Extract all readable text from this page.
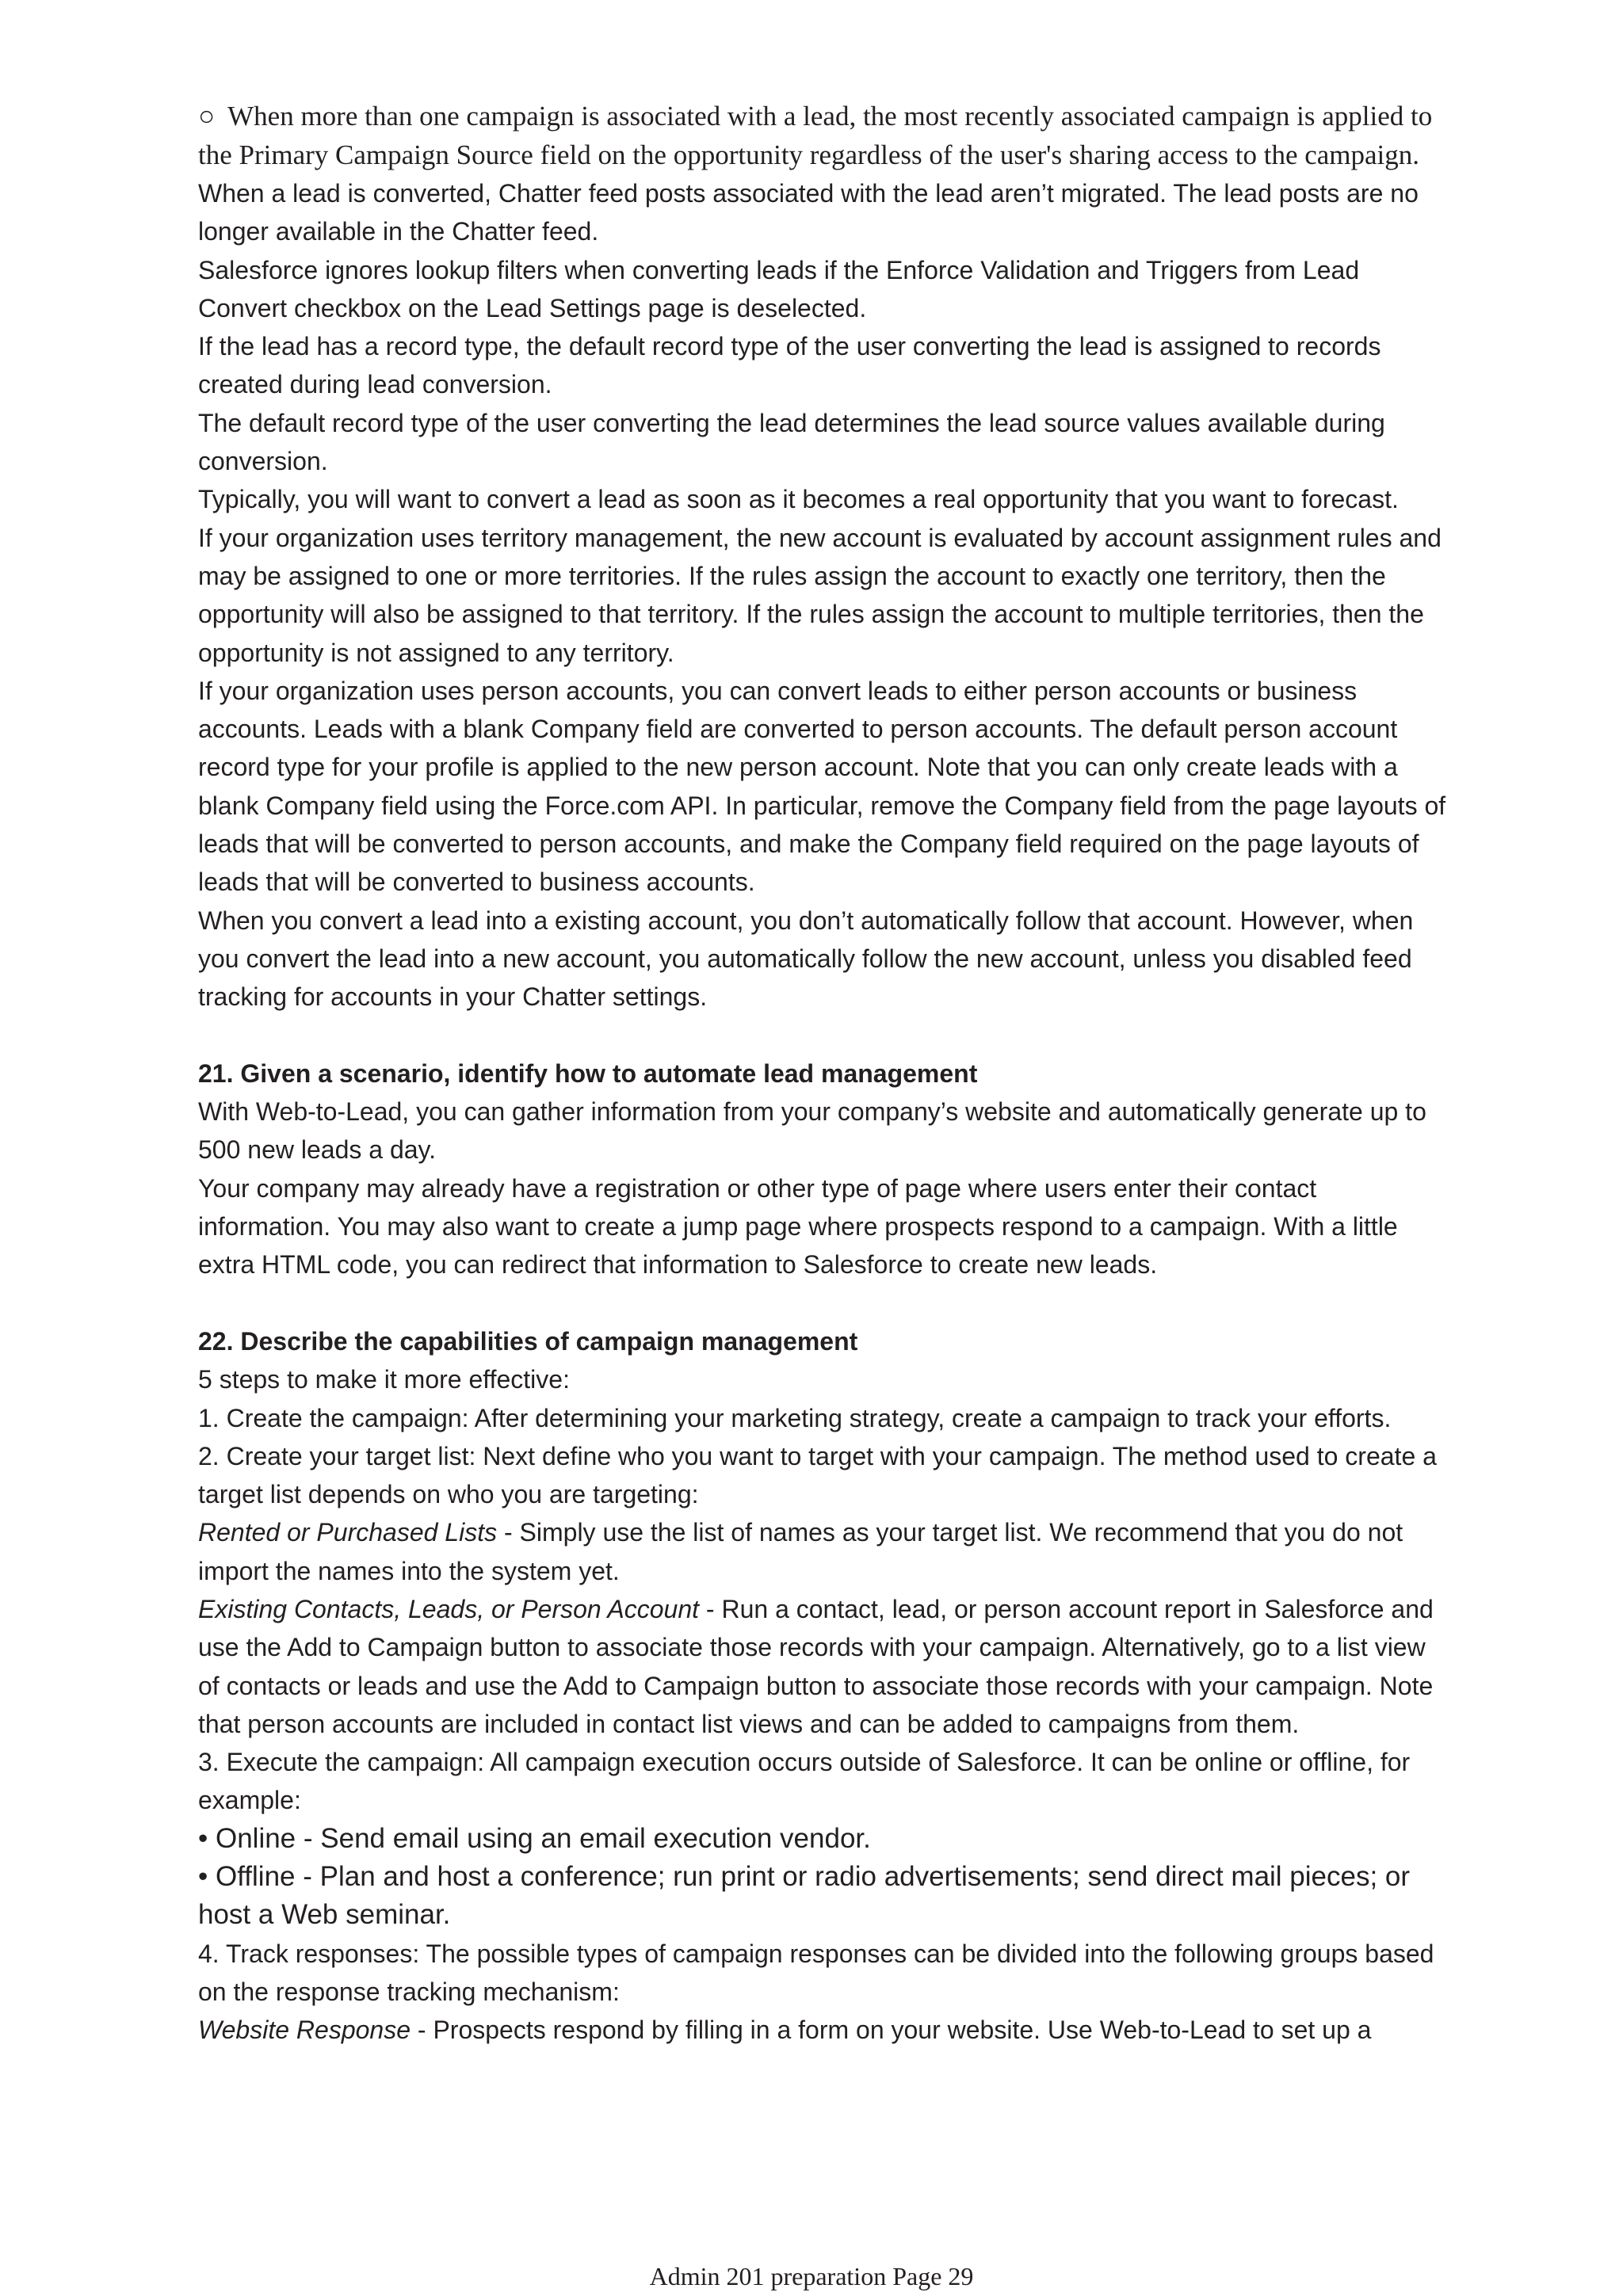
○ When more than one campaign is associated with a lead, the most recently associated campaign is applied to the Primary Campaign Source field on the opportunity regardless of the user's sharing access to the campaign.

When a lead is converted, Chatter feed posts associated with the lead aren’t migrated. The lead posts are no longer available in the Chatter feed.

Salesforce ignores lookup filters when converting leads if the Enforce Validation and Triggers from Lead Convert checkbox on the Lead Settings page is deselected.

If the lead has a record type, the default record type of the user converting the lead is assigned to records created during lead conversion.

The default record type of the user converting the lead determines the lead source values available during conversion.

Typically, you will want to convert a lead as soon as it becomes a real opportunity that you want to forecast.

If your organization uses territory management, the new account is evaluated by account assignment rules and may be assigned to one or more territories. If the rules assign the account to exactly one territory, then the opportunity will also be assigned to that territory. If the rules assign the account to multiple territories, then the opportunity is not assigned to any territory.

If your organization uses person accounts, you can convert leads to either person accounts or business accounts. Leads with a blank Company field are converted to person accounts. The default person account record type for your profile is applied to the new person account. Note that you can only create leads with a blank Company field using the Force.com API. In particular, remove the Company field from the page layouts of leads that will be converted to person accounts, and make the Company field required on the page layouts of leads that will be converted to business accounts.

When you convert a lead into a existing account, you don’t automatically follow that account. However, when you convert the lead into a new account, you automatically follow the new account, unless you disabled feed tracking for accounts in your Chatter settings.

21. Given a scenario, identify how to automate lead management

With Web-to-Lead, you can gather information from your company’s website and automatically generate up to 500 new leads a day.

Your company may already have a registration or other type of page where users enter their contact information. You may also want to create a jump page where prospects respond to a campaign. With a little extra HTML code, you can redirect that information to Salesforce to create new leads.

22. Describe the capabilities of campaign management

5 steps to make it more effective:

1. Create the campaign: After determining your marketing strategy, create a campaign to track your efforts.

2. Create your target list: Next define who you want to target with your campaign. The method used to create a target list depends on who you are targeting:

Rented or Purchased Lists - Simply use the list of names as your target list. We recommend that you do not import the names into the system yet.

Existing Contacts, Leads, or Person Account - Run a contact, lead, or person account report in Salesforce and use the Add to Campaign button to associate those records with your campaign. Alternatively, go to a list view of contacts or leads and use the Add to Campaign button to associate those records with your campaign. Note that person accounts are included in contact list views and can be added to campaigns from them.

3. Execute the campaign: All campaign execution occurs outside of Salesforce. It can be online or offline, for example:

• Online - Send email using an email execution vendor.

• Offline - Plan and host a conference; run print or radio advertisements; send direct mail pieces; or host a Web seminar.

4. Track responses: The possible types of campaign responses can be divided into the following groups based on the response tracking mechanism:

Website Response - Prospects respond by filling in a form on your website. Use Web-to-Lead to set up a

Admin 201 preparation Page 29
